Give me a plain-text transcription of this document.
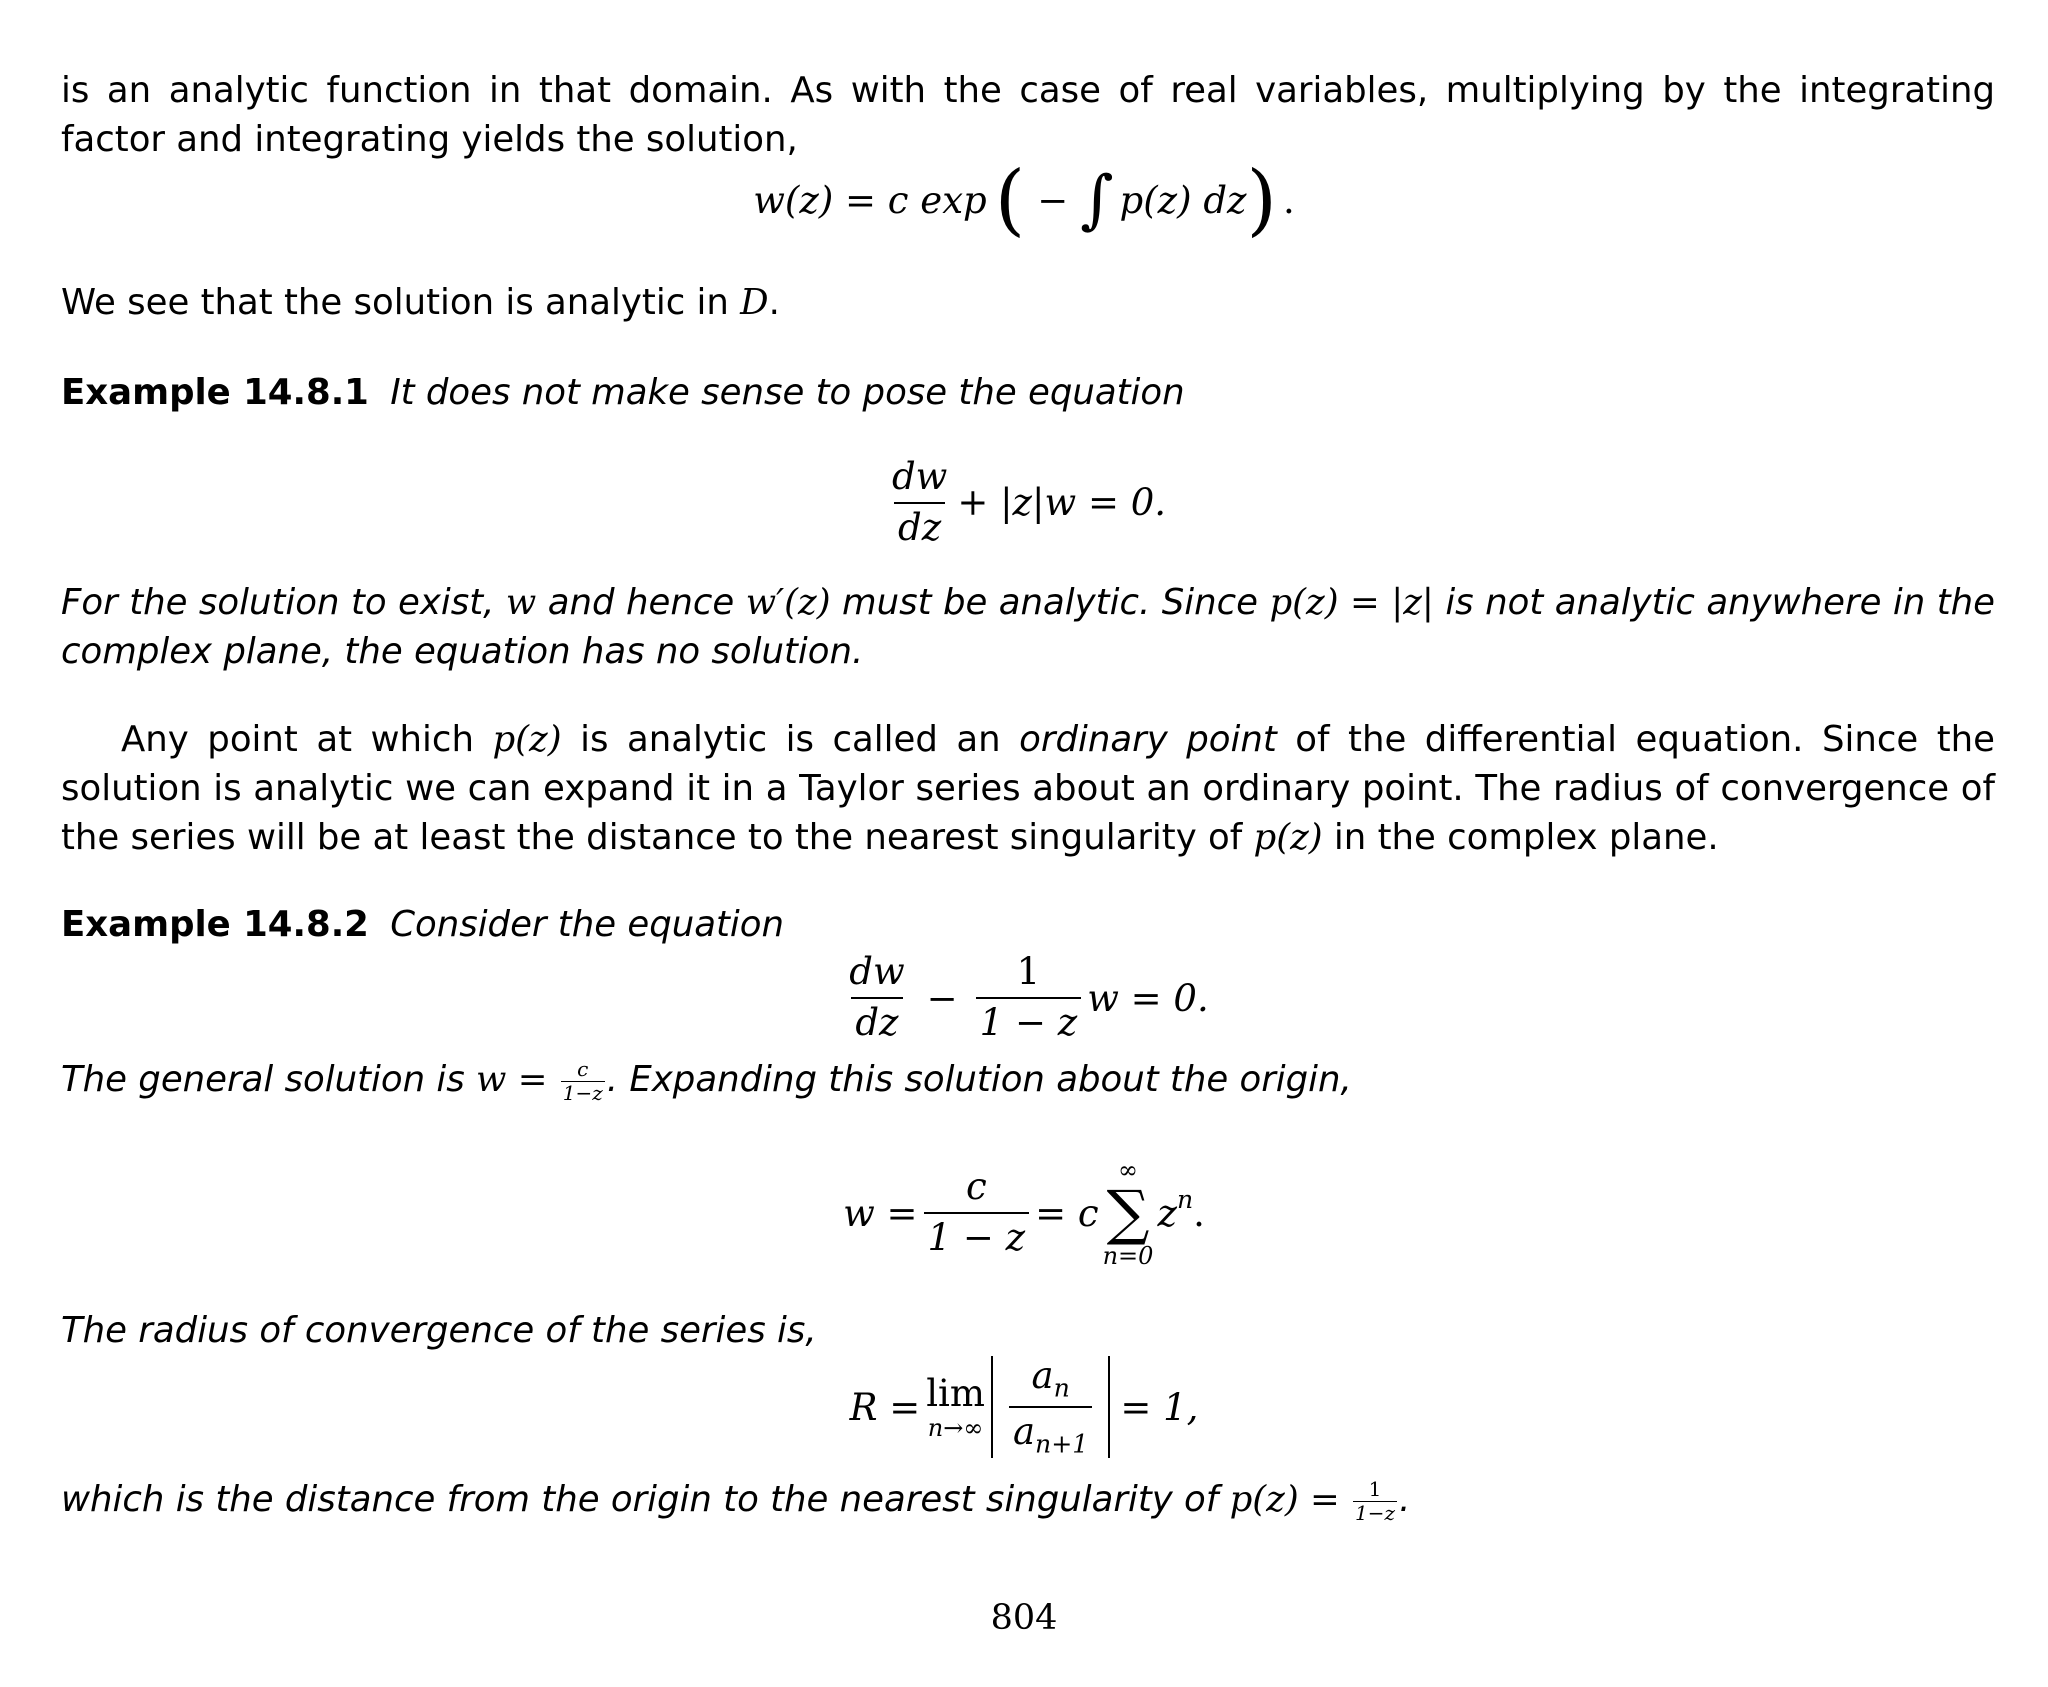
is an analytic function in that domain. As with the case of real variables, multiplying by the integrating factor and integrating yields the solution,
w(z) = c exp ( − ∫ p(z) dz ) .
We see that the solution is analytic in D.
Example 14.8.1 It does not make sense to pose the equation
$\frac{dw}{dz} + |z|w = 0$.
For the solution to exist, w and hence w′(z) must be analytic. Since p(z) = |z| is not analytic anywhere in the complex plane, the equation has no solution.
Any point at which p(z) is analytic is called an ordinary point of the differential equation. Since the solution is analytic we can expand it in a Taylor series about an ordinary point. The radius of convergence of the series will be at least the distance to the nearest singularity of p(z) in the complex plane.
Example 14.8.2 Consider the equation
$\frac{dw}{dz} - \frac{1}{1 - z}$ w = 0.
The general solution is $w = \frac{c}{1-z}$ . Expanding this solution about the origin,
$w = \frac{c}{1 - z} = c$
∞
∑
n=0
$z^n$ .
The radius of convergence of the series is,
R = lim
$n\to\infty \frac{a_n}{a_{n+1}} = 1$,
which is the distance from the origin to the nearest singularity of $p(z) = \frac{1}{1-z}$ .
804
